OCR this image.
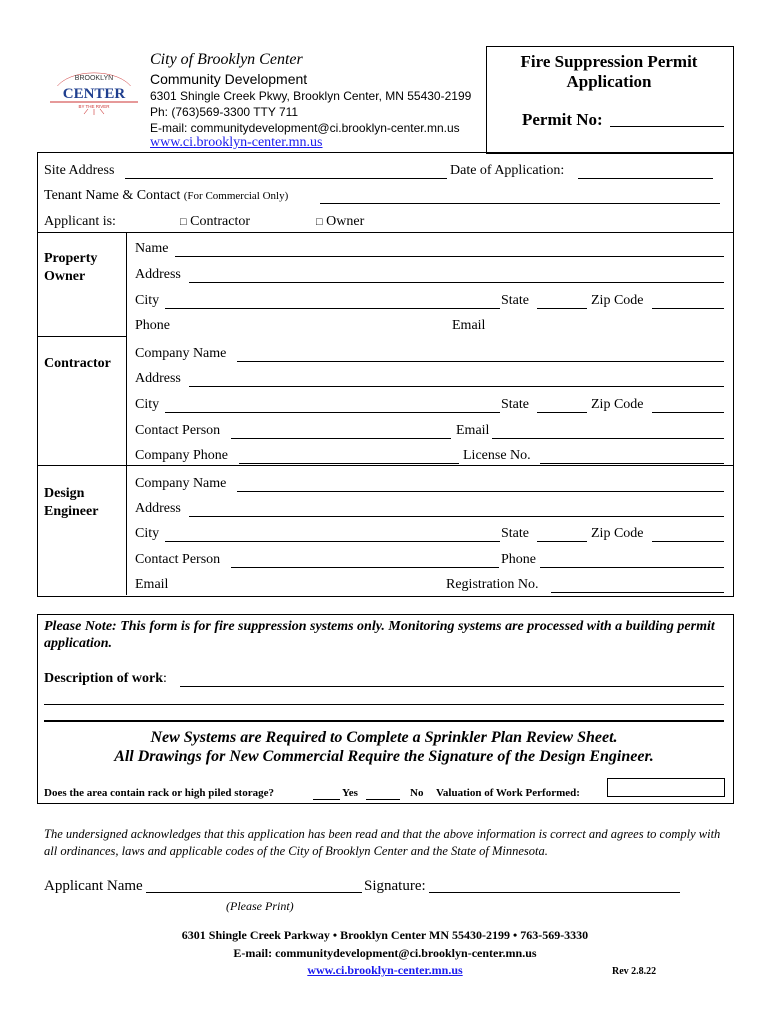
BROOKLYN
CENTER
BY THE RIVER
City of Brooklyn Center
Community Development
6301 Shingle Creek Pkwy, Brooklyn Center, MN 55430-2199
Ph: (763)569-3300 TTY 711
E-mail: communitydevelopment@ci.brooklyn-center.mn.us
www.ci.brooklyn-center.mn.us
Fire Suppression Permit
Application
Permit No:
Site Address	Date of Application:
Tenant Name & Contact (For Commercial Only)
Applicant is:	□ Contractor	□ Owner
Property Owner
Name
Address
City	State	Zip Code
Phone	Email
Contractor
Company Name
Address
City	State	Zip Code
Contact Person	Email
Company Phone	License No.
Design Engineer
Company Name
Address
City	State	Zip Code
Contact Person	Phone
Email	Registration No.
Please Note: This form is for fire suppression systems only. Monitoring systems are processed with a building permit application.
Description of work:
New Systems are Required to Complete a Sprinkler Plan Review Sheet.
All Drawings for New Commercial Require the Signature of the Design Engineer.
Does the area contain rack or high piled storage?	Yes	No Valuation of Work Performed:
The undersigned acknowledges that this application has been read and that the above information is correct and agrees to comply with all ordinances, laws and applicable codes of the City of Brooklyn Center and the State of Minnesota.
Applicant Name	Signature:
(Please Print)
6301 Shingle Creek Parkway • Brooklyn Center MN 55430-2199 • 763-569-3330
E-mail: communitydevelopment@ci.brooklyn-center.mn.us
www.ci.brooklyn-center.mn.us	Rev 2.8.22
